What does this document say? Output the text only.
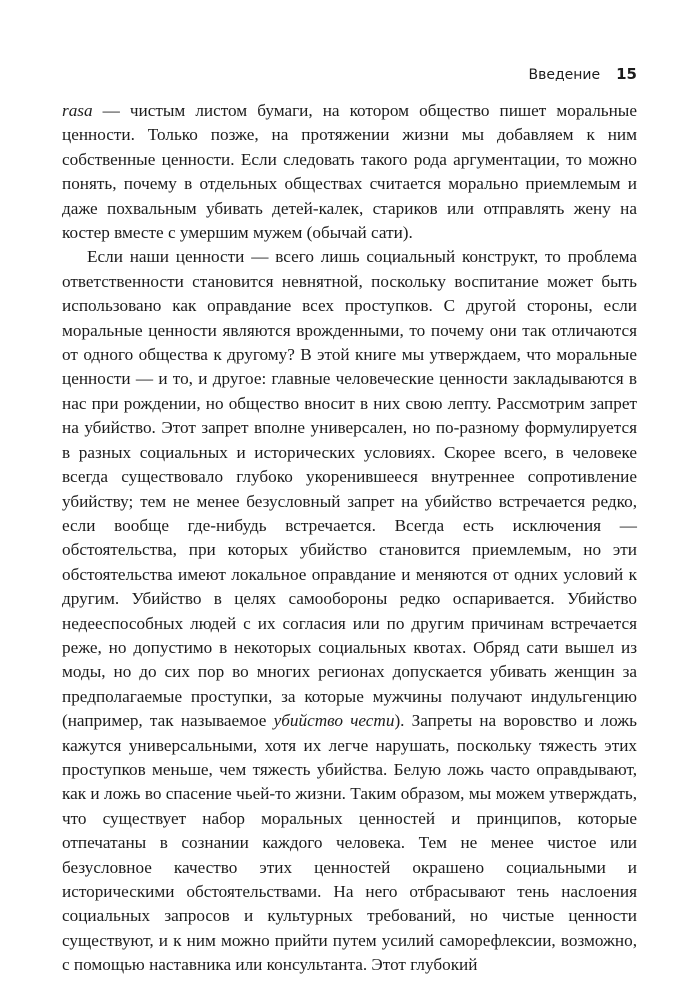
Введение 15

rasa — чистым листом бумаги, на котором общество пишет моральные ценности. Только позже, на протяжении жизни мы добавляем к ним собственные ценности. Если следовать такого рода аргументации, то можно понять, почему в отдельных обществах считается морально приемлемым и даже похвальным убивать детей-калек, стариков или отправлять жену на костер вместе с умершим мужем (обычай сати).

Если наши ценности — всего лишь социальный конструкт, то проблема ответственности становится невнятной, поскольку воспитание может быть использовано как оправдание всех проступков. С другой стороны, если моральные ценности являются врожденными, то почему они так отличаются от одного общества к другому? В этой книге мы утверждаем, что моральные ценности — и то, и другое: главные человеческие ценности закладываются в нас при рождении, но общество вносит в них свою лепту. Рассмотрим запрет на убийство. Этот запрет вполне универсален, но по-разному формулируется в разных социальных и исторических условиях. Скорее всего, в человеке всегда существовало глубоко укоренившееся внутреннее сопротивление убийству; тем не менее безусловный запрет на убийство встречается редко, если вообще где-нибудь встречается. Всегда есть исключения — обстоятельства, при которых убийство становится приемлемым, но эти обстоятельства имеют локальное оправдание и меняются от одних условий к другим. Убийство в целях самообороны редко оспаривается. Убийство недееспособных людей с их согласия или по другим причинам встречается реже, но допустимо в некоторых социальных квотах. Обряд сати вышел из моды, но до сих пор во многих регионах допускается убивать женщин за предполагаемые проступки, за которые мужчины получают индульгенцию (например, так называемое убийство чести). Запреты на воровство и ложь кажутся универсальными, хотя их легче нарушать, поскольку тяжесть этих проступков меньше, чем тяжесть убийства. Белую ложь часто оправдывают, как и ложь во спасение чьей-то жизни. Таким образом, мы можем утверждать, что существует набор моральных ценностей и принципов, которые отпечатаны в сознании каждого человека. Тем не менее чистое или безусловное качество этих ценностей окрашено социальными и историческими обстоятельствами. На него отбрасывают тень наслоения социальных запросов и культурных требований, но чистые ценности существуют, и к ним можно прийти путем усилий саморефлексии, возможно, с помощью наставника или консультанта. Этот глубокий
